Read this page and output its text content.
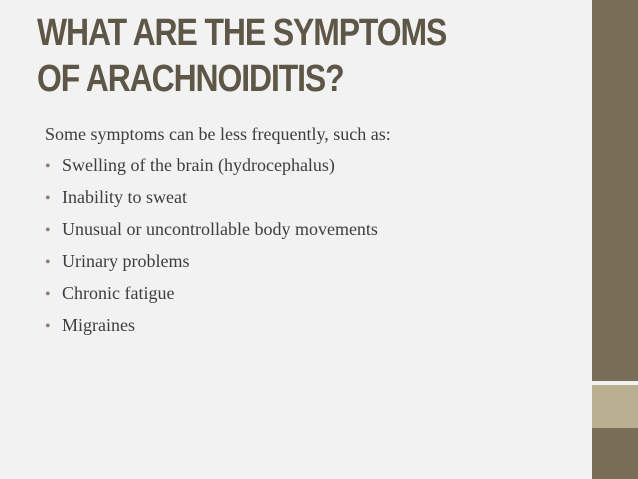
WHAT ARE THE SYMPTOMS
OF ARACHNOIDITIS?

Some symptoms can be less frequently, such as:

• Swelling of the brain (hydrocephalus)
• Inability to sweat
• Unusual or uncontrollable body movements
• Urinary problems
• Chronic fatigue
• Migraines
